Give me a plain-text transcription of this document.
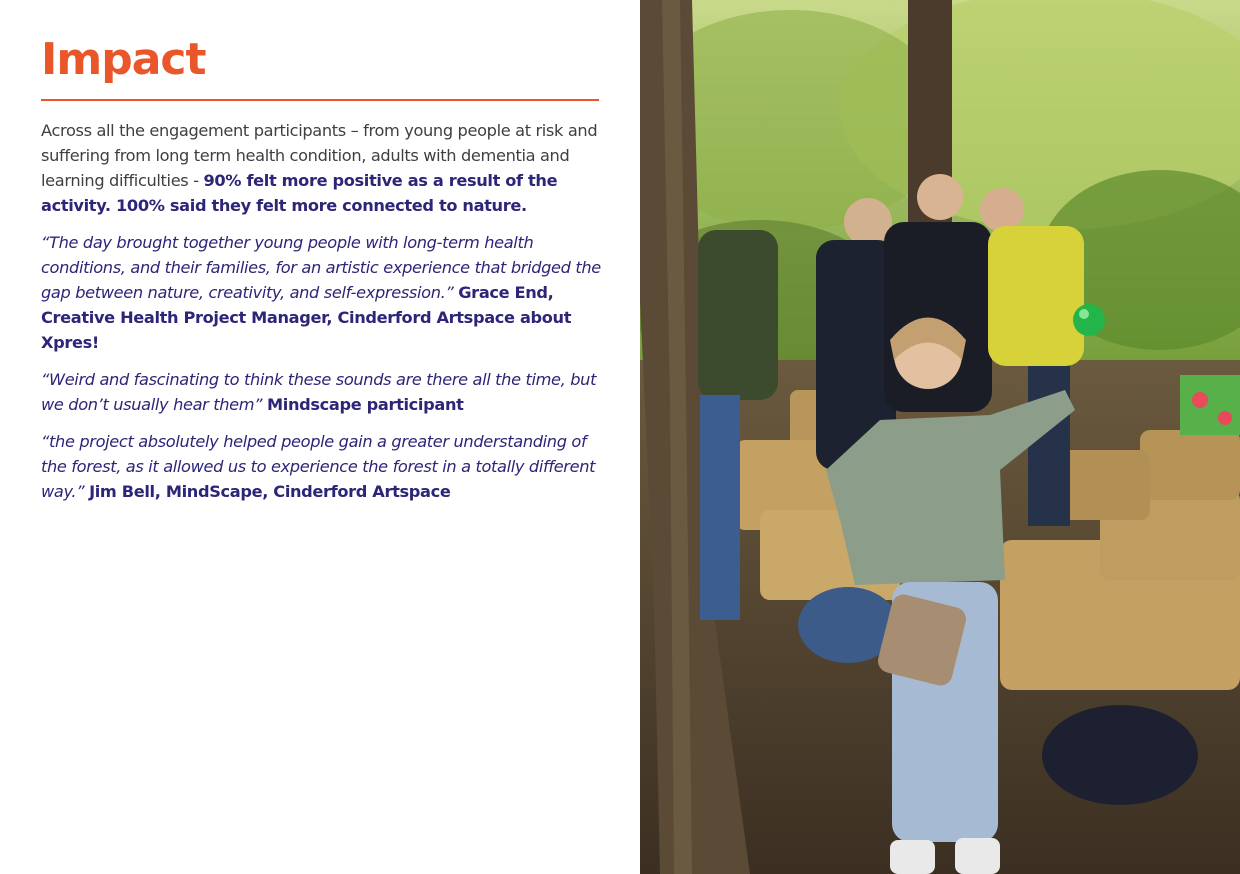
Impact

Across all the engagement participants – from young people at risk and suffering from long term health condition, adults with dementia and learning difficulties - 90% felt more positive as a result of the activity. 100% said they felt more connected to nature.

“The day brought together young people with long-term health conditions, and their families, for an artistic experience that bridged the gap between nature, creativity, and self-expression.” Grace End, Creative Health Project Manager, Cinderford Artspace about Xpres!

“Weird and fascinating to think these sounds are there all the time, but we don’t usually hear them” Mindscape participant

“the project absolutely helped people gain a greater understanding of the forest, as it allowed us to experience the forest in a totally different way.” Jim Bell, MindScape, Cinderford Artspace
